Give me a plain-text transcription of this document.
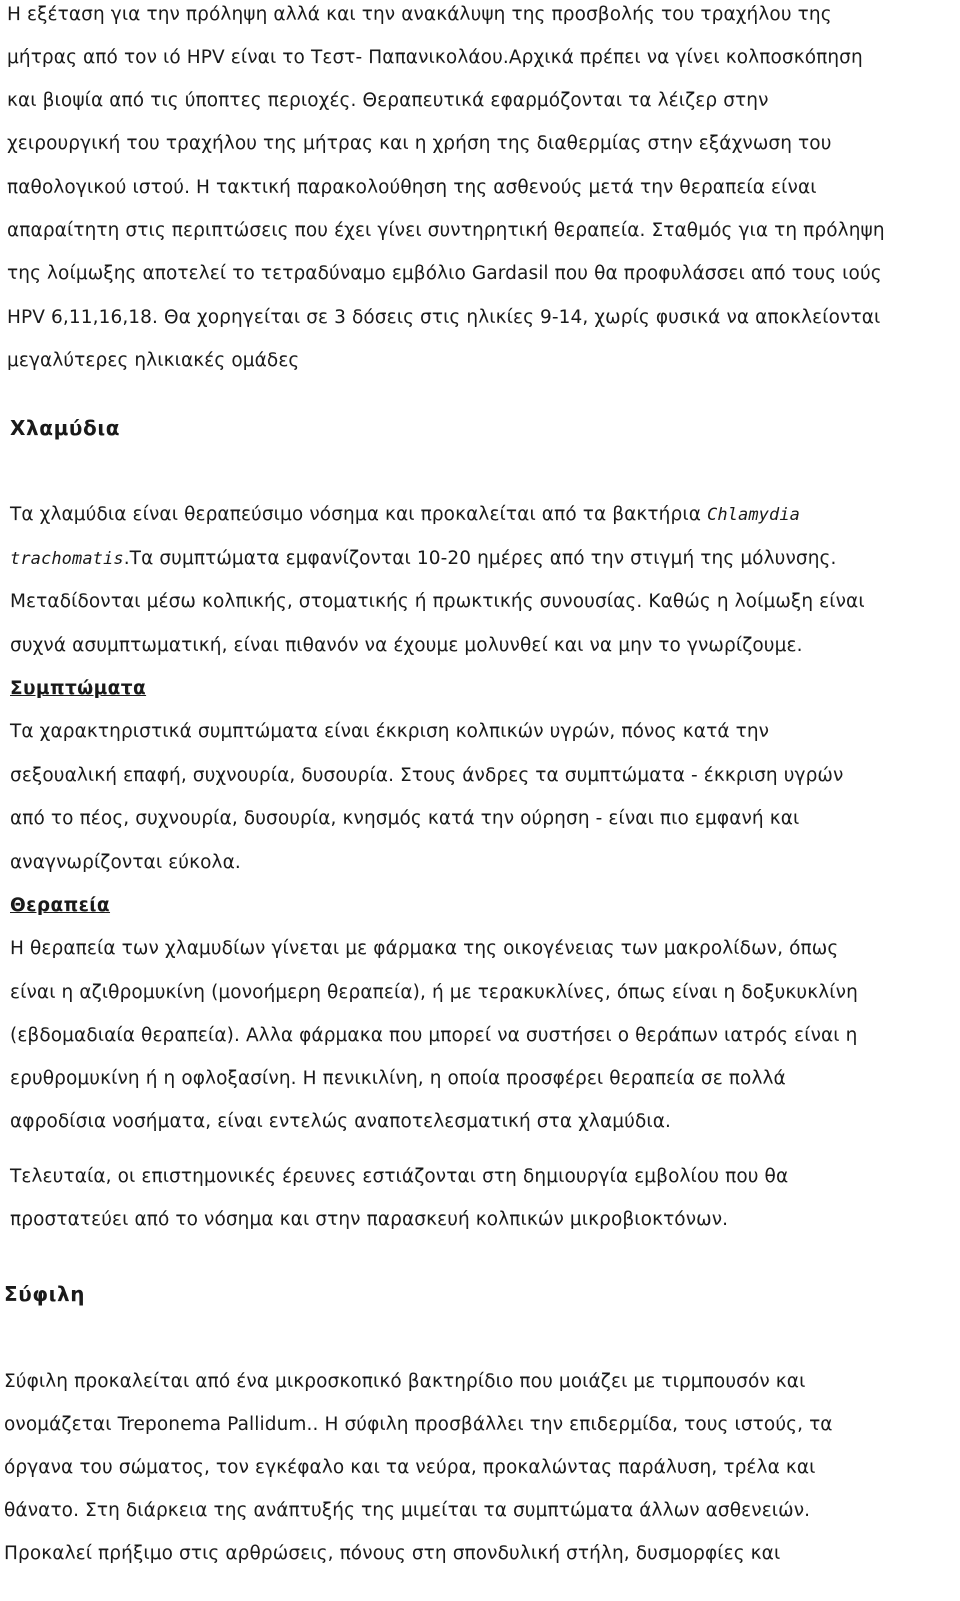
Η εξέταση για την πρόληψη αλλά και την ανακάλυψη της προσβολής του τραχήλου της
μήτρας από τον ιό HPV είναι το Τεστ- Παπανικολάου.Αρχικά πρέπει να γίνει κολποσκόπηση
και βιοψία από τις ύποπτες περιοχές. Θεραπευτικά εφαρμόζονται τα λέιζερ στην
χειρουργική του τραχήλου της μήτρας και η χρήση της διαθερμίας στην εξάχνωση του
παθολογικού ιστού. Η τακτική παρακολούθηση της ασθενούς μετά την θεραπεία είναι
απαραίτητη στις περιπτώσεις που έχει γίνει συντηρητική θεραπεία. Σταθμός για τη πρόληψη
της λοίμωξης αποτελεί το τετραδύναμο εμβόλιο Gardasil που θα προφυλάσσει από τους ιούς
HPV 6,11,16,18. Θα χορηγείται σε 3 δόσεις στις ηλικίες 9-14, χωρίς φυσικά να αποκλείονται
μεγαλύτερες ηλικιακές ομάδες
Χλαμύδια
Τα χλαμύδια είναι θεραπεύσιμο νόσημα και προκαλείται από τα βακτήρια Chlamydia
trachomatis.Τα συμπτώματα εμφανίζονται 10-20 ημέρες από την στιγμή της μόλυνσης.
Μεταδίδονται μέσω κολπικής, στοματικής ή πρωκτικής συνουσίας. Καθώς η λοίμωξη είναι
συχνά ασυμπτωματική, είναι πιθανόν να έχουμε μολυνθεί και να μην το γνωρίζουμε.
Συμπτώματα
Τα χαρακτηριστικά συμπτώματα είναι έκκριση κολπικών υγρών, πόνος κατά την
σεξουαλική επαφή, συχνουρία, δυσουρία. Στους άνδρες τα συμπτώματα - έκκριση υγρών
από το πέος, συχνουρία, δυσουρία, κνησμός κατά την ούρηση - είναι πιο εμφανή και
αναγνωρίζονται εύκολα.
Θεραπεία
Η θεραπεία των χλαμυδίων γίνεται με φάρμακα της οικογένειας των μακρολίδων, όπως
είναι η αζιθρομυκίνη (μονοήμερη θεραπεία), ή με τερακυκλίνες, όπως είναι η δοξυκυκλίνη
(εβδομαδιαία θεραπεία). Αλλα φάρμακα που μπορεί να συστήσει ο θεράπων ιατρός είναι η
ερυθρομυκίνη ή η οφλοξασίνη. Η πενικιλίνη, η οποία προσφέρει θεραπεία σε πολλά
αφροδίσια νοσήματα, είναι εντελώς αναποτελεσματική στα χλαμύδια.
Τελευταία, οι επιστημονικές έρευνες εστιάζονται στη δημιουργία εμβολίου που θα
προστατεύει από το νόσημα και στην παρασκευή κολπικών μικροβιοκτόνων.
Σύφιλη
Σύφιλη προκαλείται από ένα μικροσκοπικό βακτηρίδιο που μοιάζει με τιρμπουσόν και
ονομάζεται Treponema Pallidum.. Η σύφιλη προσβάλλει την επιδερμίδα, τους ιστούς, τα
όργανα του σώματος, τον εγκέφαλο και τα νεύρα, προκαλώντας παράλυση, τρέλα και
θάνατο. Στη διάρκεια της ανάπτυξής της μιμείται τα συμπτώματα άλλων ασθενειών.
Προκαλεί πρήξιμο στις αρθρώσεις, πόνους στη σπονδυλική στήλη, δυσμορφίες και
